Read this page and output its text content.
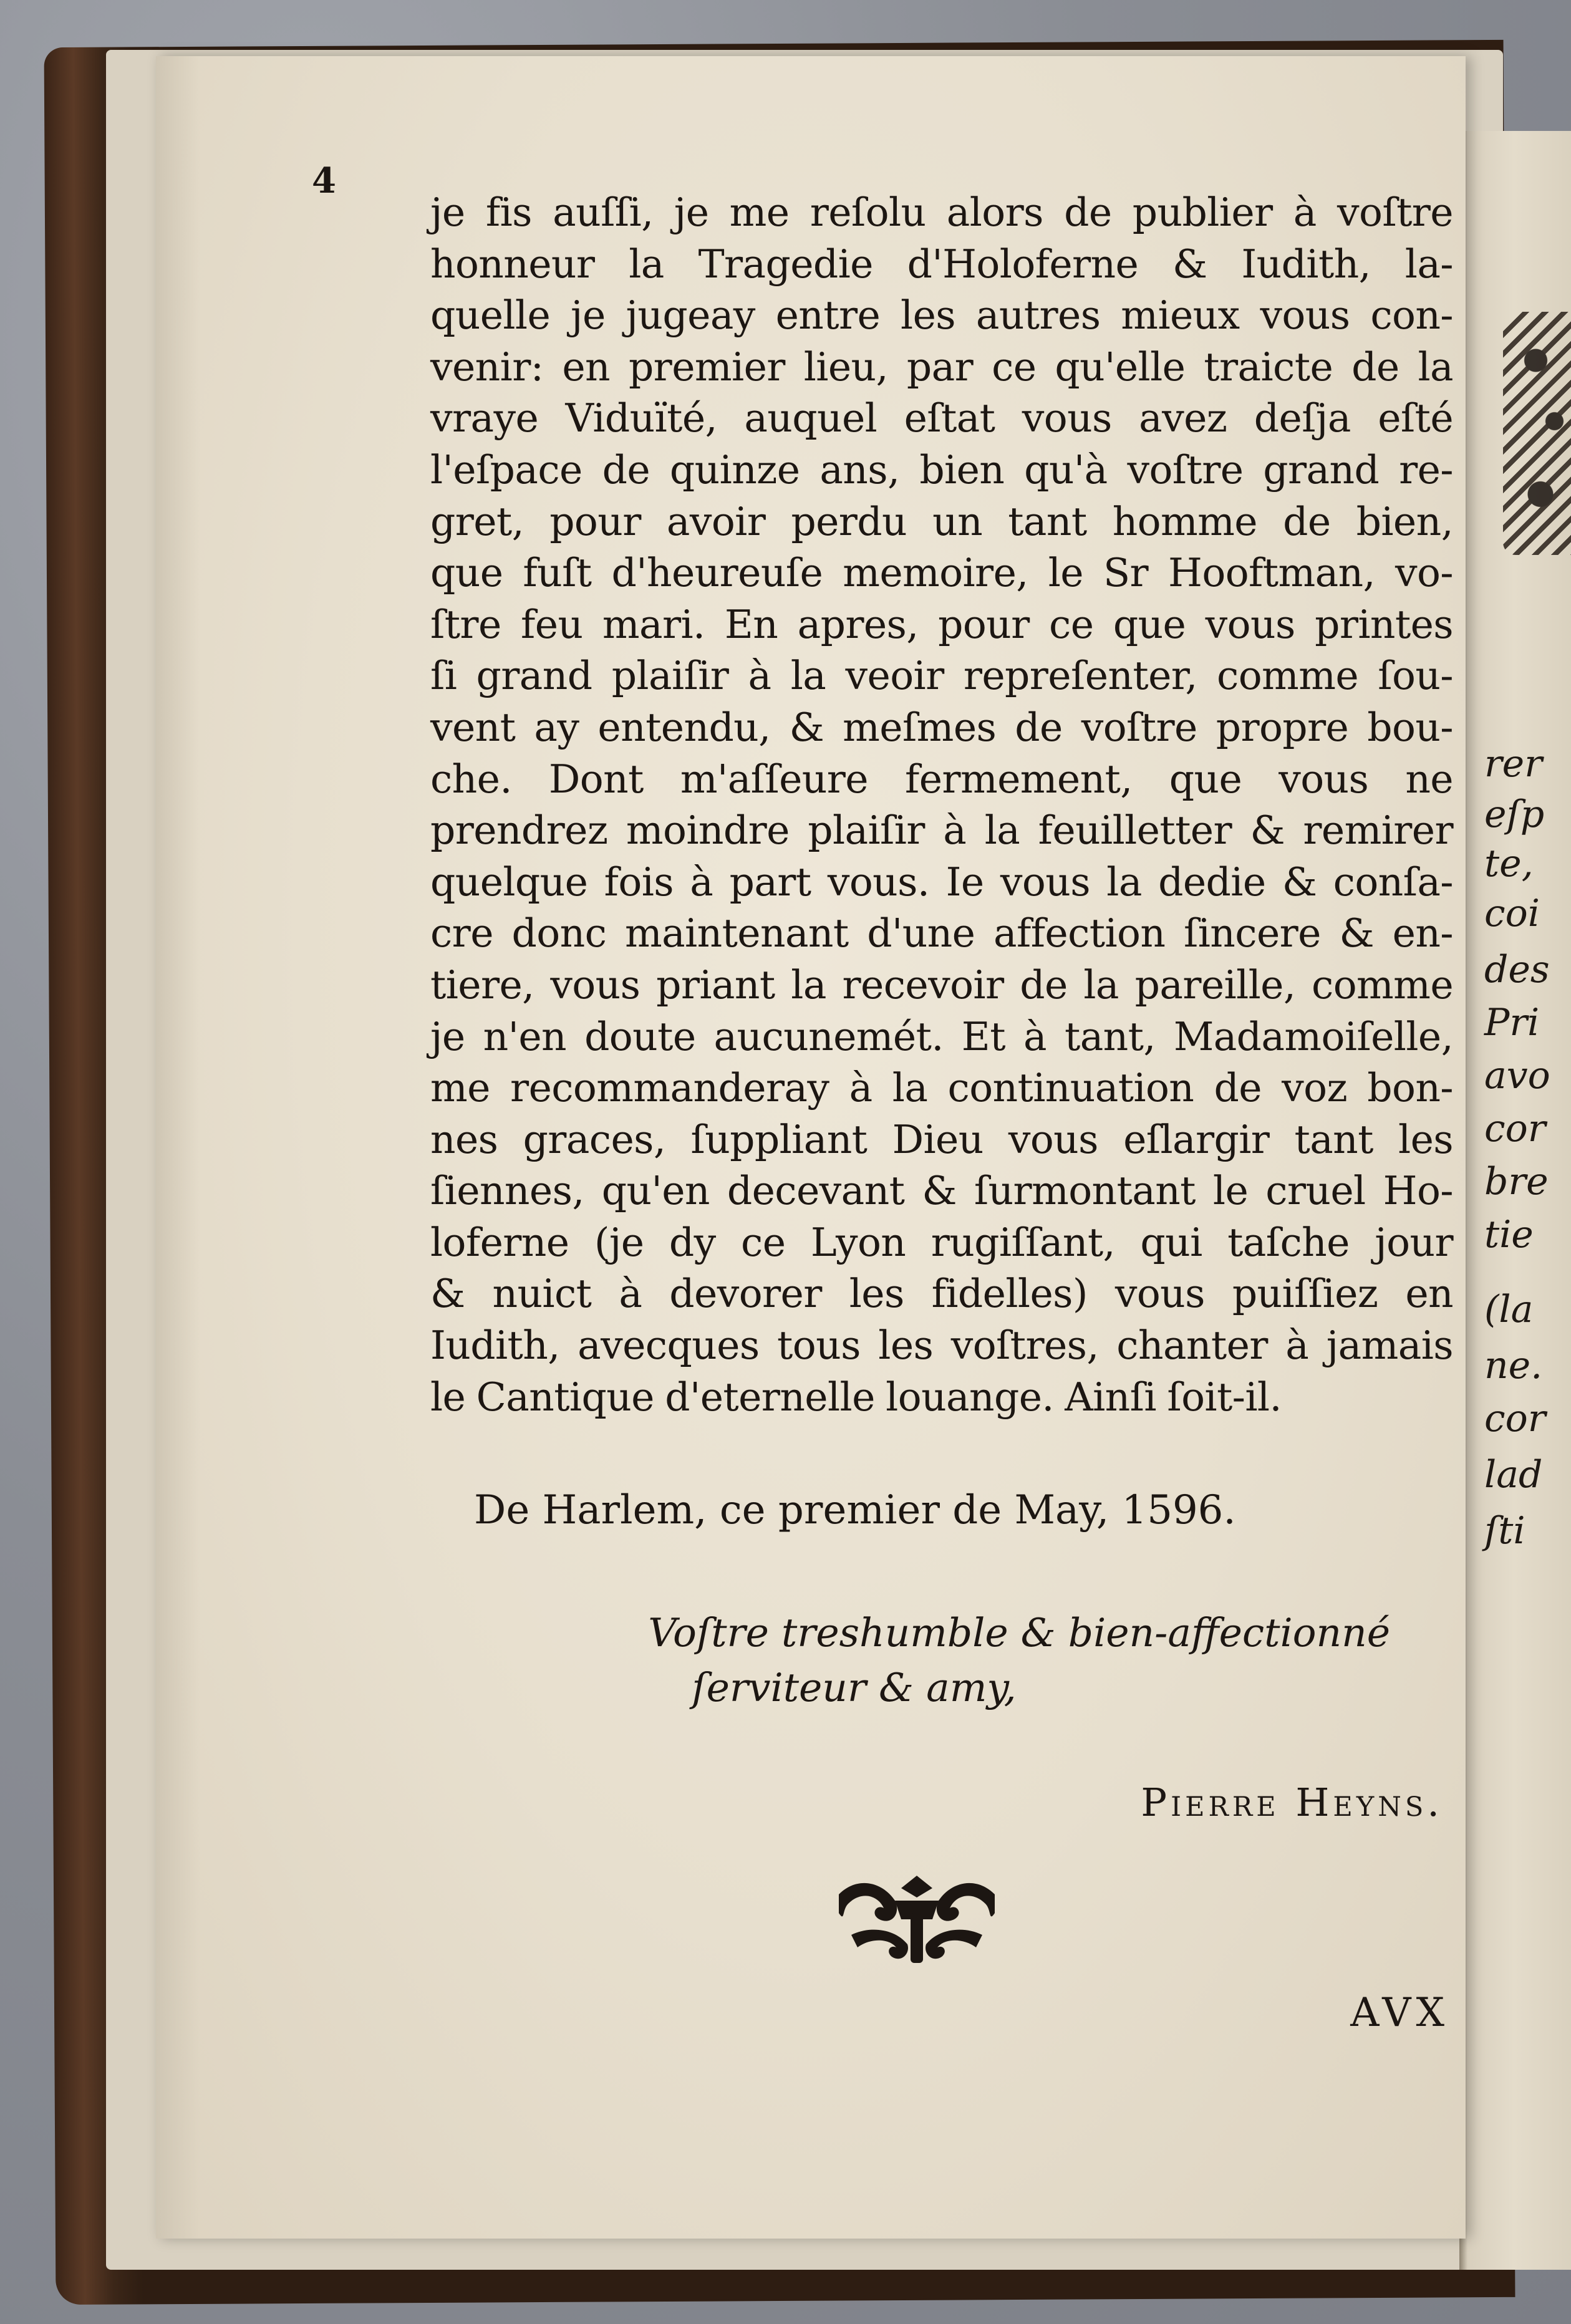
rer

eſp

te,

coi

des

Pri

avo

cor

bre

tie

(la

ne.

cor

lad

ſti

4
je fis auſſi, je me reſolu alors de publier à voſtre
honneur la Tragedie d'Holoferne & Iudith, la-
quelle je jugeay entre les autres mieux vous con-
venir: en premier lieu, par ce qu'elle traicte de la
vraye Viduïté, auquel eſtat vous avez deſja eſté
l'eſpace de quinze ans, bien qu'à voſtre grand re-
gret, pour avoir perdu un tant homme de bien,
que fuſt d'heureuſe memoire, le Sr Hooftman, vo-
ſtre feu mari. En apres, pour ce que vous printes
ſi grand plaiſir à la veoir repreſenter, comme ſou-
vent ay entendu, & meſmes de voſtre propre bou-
che. Dont m'aſſeure fermement, que vous ne
prendrez moindre plaiſir à la feuilletter & remirer
quelque fois à part vous. Ie vous la dedie & conſa-
cre donc maintenant d'une affection ſincere & en-
tiere, vous priant la recevoir de la pareille, comme
je n'en doute aucunemét. Et à tant, Madamoiſelle,
me recommanderay à la continuation de voz bon-
nes graces, ſuppliant Dieu vous eſlargir tant les
ſiennes, qu'en decevant & ſurmontant le cruel Ho-
loferne (je dy ce Lyon rugiſſant, qui taſche jour
& nuict à devorer les fidelles) vous puiſſiez en
Iudith, avecques tous les voſtres, chanter à jamais
le Cantique d'eternelle louange. Ainſi ſoit-il.
De Harlem, ce premier de May, 1596.
Voſtre treshumble & bien-affectionné
ſerviteur & amy,
Pierre Heyns.
AVX
